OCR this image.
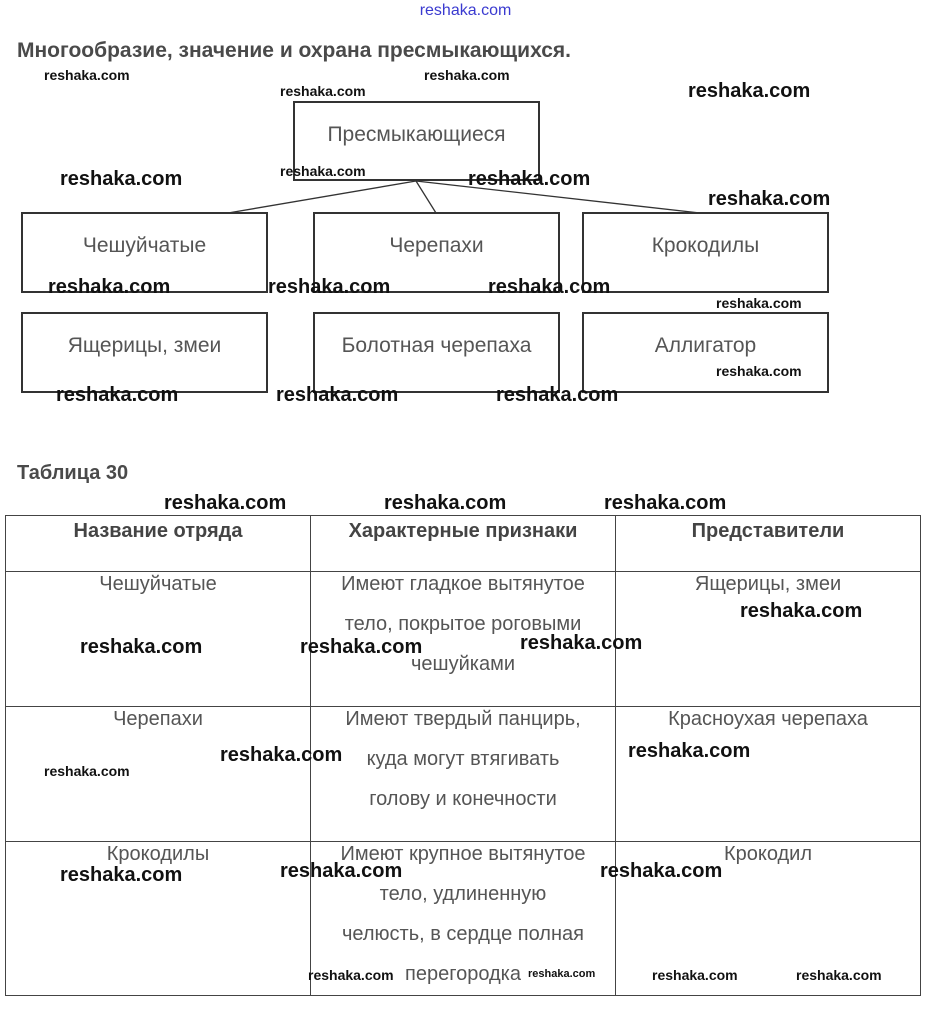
reshaka.com
Многообразие, значение и охрана пресмыкающихся.
Пресмыкающиеся
Чешуйчатые	Черепахи	Крокодилы
Ящерицы, змеи	Болотная черепаха	Аллигатор
Таблица 30
Название отряда	Характерные признаки	Представители

Чешуйчатые	Имеют гладкое вытянутое
тело, покрытое роговыми
чешуйками	Ящерицы, змеи

Черепахи	Имеют твердый панцирь,
куда могут втягивать
голову и конечности	Красноухая черепаха

Крокодилы	Имеют крупное вытянутое
тело, удлиненную
челюсть, в сердце полная
перегородка	Крокодил
reshaka.com	reshaka.com
reshaka.com	reshaka.com
reshaka.com
reshaka.com	reshaka.com
reshaka.com
reshaka.com	reshaka.com	reshaka.com
reshaka.com
reshaka.com
reshaka.com	reshaka.com	reshaka.com
reshaka.com	reshaka.com	reshaka.com
reshaka.com
reshaka.com
reshaka.com	reshaka.com
reshaka.com
reshaka.com
reshaka.com
reshaka.com	reshaka.com
reshaka.com
reshaka.com	reshaka.com	reshaka.com	reshaka.com
